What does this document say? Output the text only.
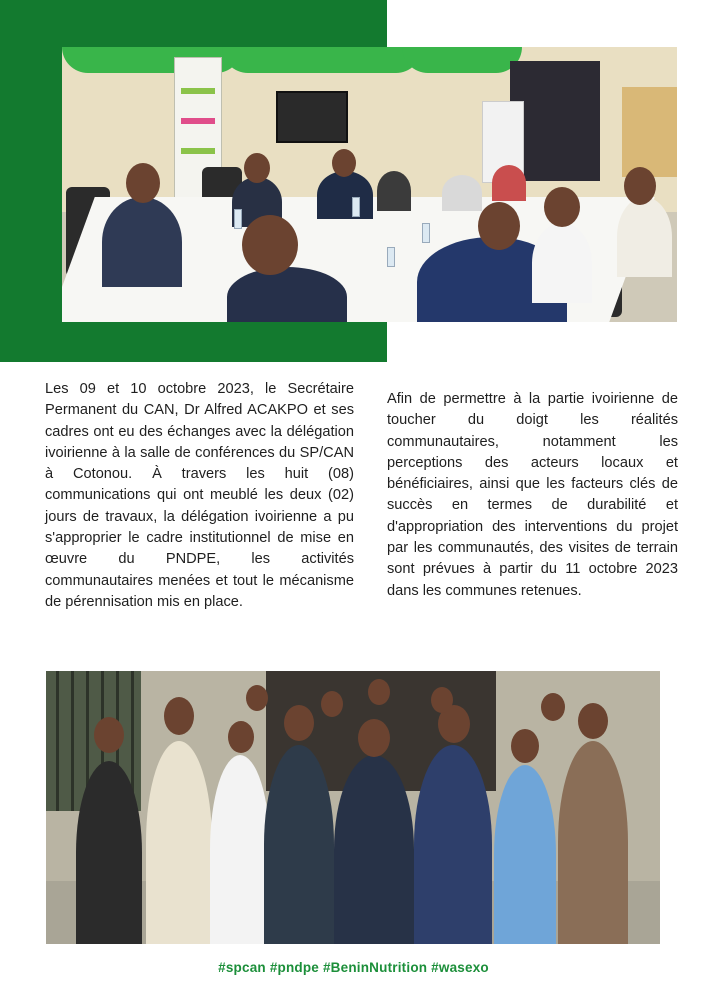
Les 09 et 10 octobre 2023, le Secrétaire Permanent du CAN, Dr Alfred ACAKPO et ses cadres ont eu des échanges avec la délégation ivoirienne à la salle de conférences du SP/CAN à Cotonou. À travers les huit (08) communications qui ont meublé les deux (02) jours de travaux, la délégation ivoirienne a pu s'approprier le cadre institutionnel de mise en œuvre du PNDPE, les activités communautaires menées et tout le mécanisme de pérennisation mis en place.

Afin de permettre à la partie ivoirienne de toucher du doigt les réalités communautaires, notamment les perceptions des acteurs locaux et bénéficiaires, ainsi que les facteurs clés de succès en termes de durabilité et d'appropriation des interventions du projet par les communautés, des visites de terrain sont prévues à partir du 11 octobre 2023 dans les communes retenues.

#spcan #pndpe #BeninNutrition #wasexo
